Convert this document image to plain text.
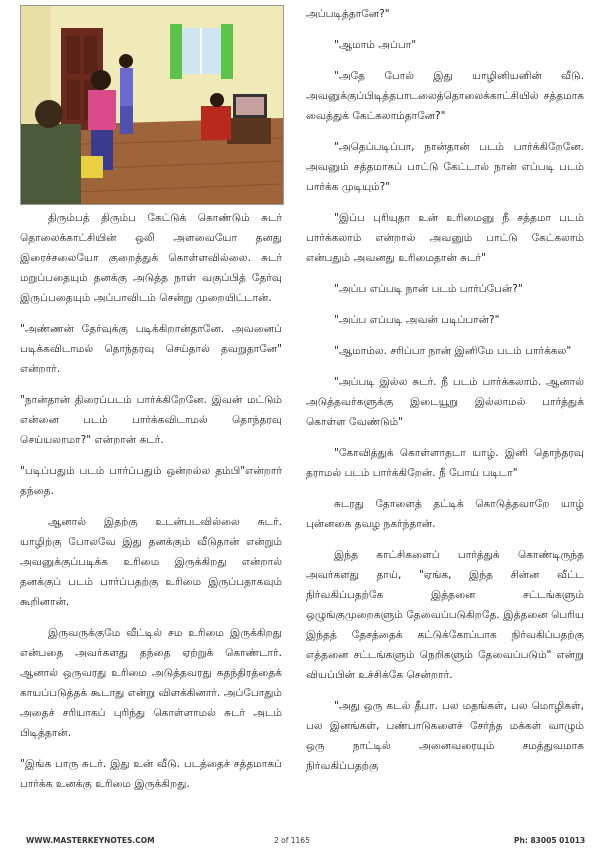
திரும்பத் திரும்ப கேட்டுக் கொண்டும் சுடர் தொலைக்காட்சியின் ஒலி அளவையோ தனது இரைச்சலையோ குறைத்துக் கொள்ளவில்லை. சுடர் மறுப்பதையும் தனக்கு அடுத்த நாள் வகுப்பித் தேர்வு இருப்பதையும் அப்பாவிடம் சென்று முறையிட்டான்.

"அண்ணன் தேர்வுக்கு படிக்கிறான்தானே. அவனைப் படிக்கவிடாமல் தொந்தரவு செய்தால் தவறுதானே" என்றார்.

"நான்தான் திரைப்படம் பார்க்கிறேனே. இவன் மட்டும் என்னை படம் பார்க்கவிடாமல் தொந்தரவு செய்யலாமா?" என்றான் சுடர்.

"படிப்பதும் படம் பார்ப்பதும் ஒன்றல்ல தம்பி"என்றார் தந்தை.

ஆனால் இதற்கு உடன்படவில்லை சுடர். யாழிற்கு போலவே இது தனக்கும் வீடுதான் என்றும் அவனுக்குப்படிக்க உரிமை இருக்கிறது என்றால் தனக்குப் படம் பார்ப்பதற்கு உரிமை இருப்பதாகவும் கூறினான்.

இருவருக்குமே வீட்டில் சம உரிமை இருக்கிறது என்பதை அவர்களது தந்தை ஏற்றுக் கொண்டார். ஆனால் ஒருவரது உரிமை அடுத்தவரது சுதந்திரத்தைக் காயப்படுத்தக் கூடாது என்று விளக்கினார். அப்போதும் அதைச் சரியாகப் புரிந்து கொள்ளாமல் சுடர் அடம் பிடித்தான்.

"இங்க பாரு சுடர். இது உன் வீடு. படத்தைச் சத்தமாகப் பார்க்க உனக்கு உரிமை இருக்கிறது.

அப்படித்தானே?"

"ஆமாம் அப்பா"

"அதே போல் இது யாழினியனின் வீடு. அவனுக்குப்பிடித்தபாடலைத்தொலைக்காட்சியில் சத்தமாக வைத்துக் கேட்கலாம்தானே?"

"அதெப்படிப்பா, நான்தான் படம் பார்க்கிறேனே. அவனும் சத்தமாகப் பாட்டு கேட்டால் நான் எப்படி படம் பார்க்க முடியும்?"

"இப்ப புரியுதா உன் உரிமைனு நீ சத்தமா படம் பார்க்கலாம் என்றால் அவனும் பாட்டு கேட்கலாம் என்பதும் அவனது உரிமைதான் சுடர்"

"அப்ப எப்படி நான் படம் பார்ப்பேன்?"

"அப்ப எப்படி அவன் படிப்பான்?"

"ஆமாம்ல. சரிப்பா நான் இனிமே படம் பார்க்கல"

"அப்படி இல்ல சுடர். நீ படம் பார்க்கலாம். ஆனால் அடுத்தவர்களுக்கு இடையூறு இல்லாமல் பார்த்துக் கொள்ள வேண்டும்"

"கோவித்துக் கொள்ளாதடா யாழ். இனி தொந்தரவு தராமல் படம் பார்க்கிறேன். நீ போய் படிடா"

சுடரது தோளைத் தட்டிக் கொடுத்தவாறே யாழ் புன்னகை தவழ நகர்ந்தான்.

இந்த காட்சிகளைப் பார்த்துக் கொண்டிருந்த அவர்களது தாய், "ஏங்க, இந்த சின்ன வீட்ட நிர்வகிப்பதற்கே இத்தனை சட்டங்களும் ஒழுங்குமுறைகளும் தேவைப்படுகிறதே. இத்தனை பெரிய இந்தத் தேசத்தைக் கட்டுக்கோப்பாக நிர்வகிப்பதற்கு எத்தனை சட்டங்களும் நெறிகளும் தேவைப்படும்" என்று வியப்பின் உச்சிக்கே சென்றார்.

"அது ஒரு கடல் தீபா. பல மதங்கள், பல மொழிகள், பல இனங்கள், பண்பாடுகளைச் சேர்ந்த மக்கள் வாழும் ஒரு நாட்டில் அனைவரையும் சமத்துவமாக நிர்வகிப்பதற்கு

WWW.MASTERKEYNOTES.COM	2 of 1165	Ph: 83005 01013
